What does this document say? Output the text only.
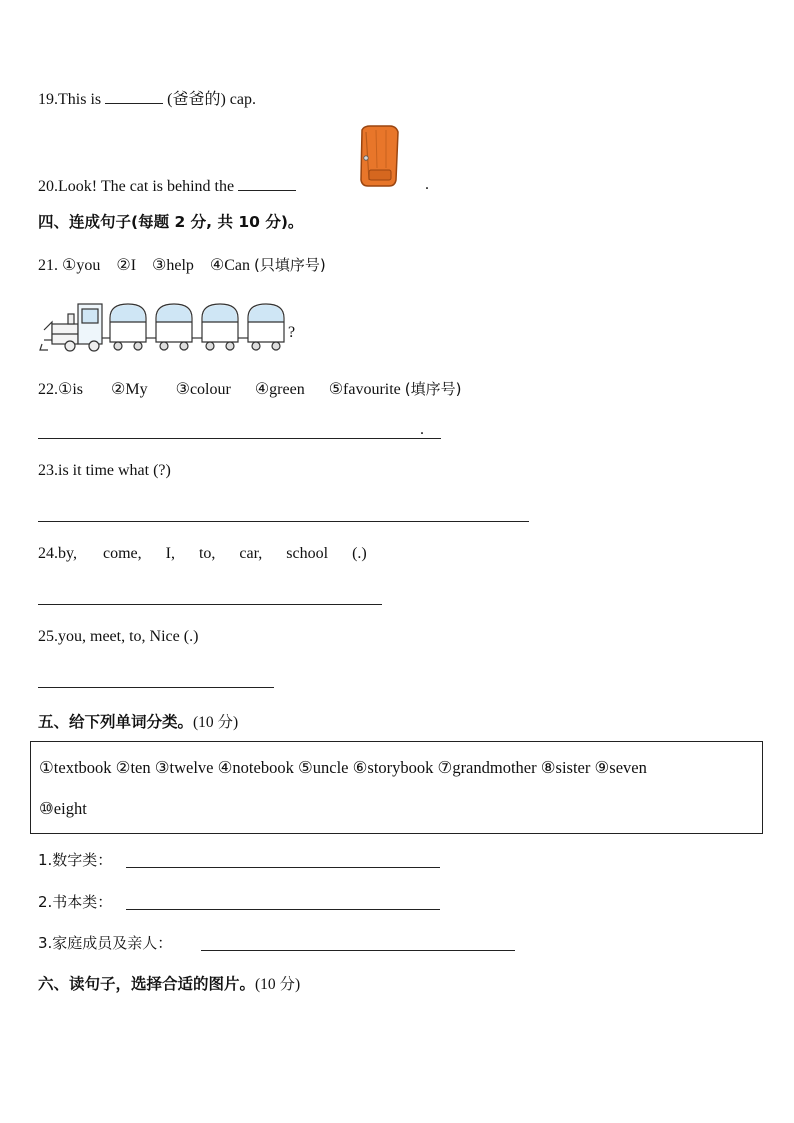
19.This is	(爸爸的) cap.
20.Look! The cat is behind the	.
四、连成句子(每题 2 分, 共 10 分)。
21. ①you ②I ③help ④Can (只填序号)
?
22.①is ②My ③colour ④green ⑤favourite (填序号)
.
23.is it time what (?)
24.by, come, I, to, car, school (.)
25.you, meet, to, Nice (.)
五、给下列单词分类。(10 分)
①textbook ②ten ③twelve ④notebook ⑤uncle ⑥storybook ⑦grandmother ⑧sister ⑨seven
⑩eight
1.数字类：
2.书本类：
3.家庭成员及亲人：
六、读句子，选择合适的图片。(10 分)
